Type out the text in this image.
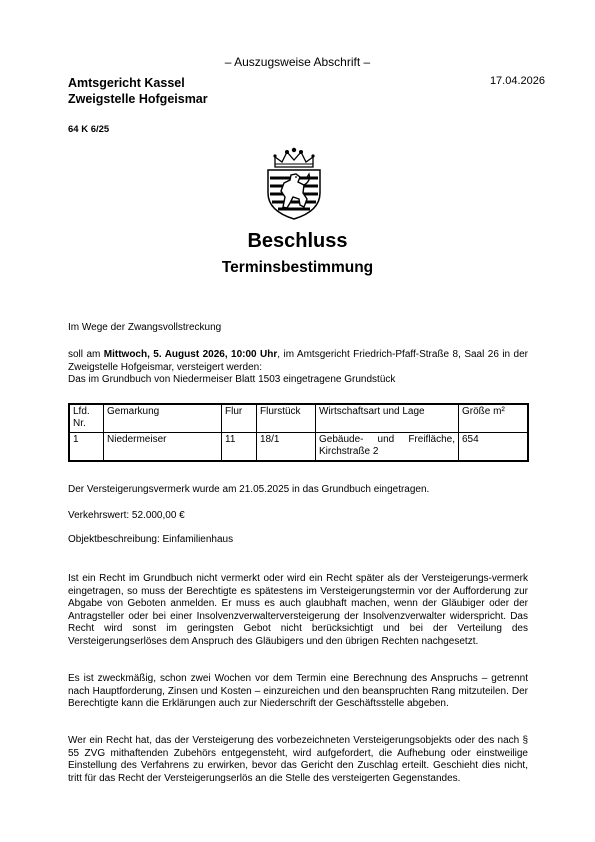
– Auszugsweise Abschrift –
Amtsgericht Kassel
Zweigstelle Hofgeismar
17.04.2026
64 K 6/25
Beschluss
Terminsbestimmung
Im Wege der Zwangsvollstreckung
soll am Mittwoch, 5. August 2026, 10:00 Uhr, im Amtsgericht Friedrich-Pfaff-Straße 8, Saal 26 in der Zweigstelle Hofgeismar, versteigert werden:
Das im Grundbuch von Niedermeiser Blatt 1503 eingetragene Grundstück
Lfd. Nr.	Gemarkung	Flur	Flurstück	Wirtschaftsart und Lage	Größe m²
1	Niedermeiser	11	18/1	Gebäude- und Freifläche, Kirchstraße 2	654
Der Versteigerungsvermerk wurde am 21.05.2025 in das Grundbuch eingetragen.
Verkehrswert: 52.000,00 €
Objektbeschreibung: Einfamilienhaus
Ist ein Recht im Grundbuch nicht vermerkt oder wird ein Recht später als der Versteigerungs-vermerk eingetragen, so muss der Berechtigte es spätestens im Versteigerungstermin vor der Aufforderung zur Abgabe von Geboten anmelden. Er muss es auch glaubhaft machen, wenn der Gläubiger oder der Antragsteller oder bei einer Insolvenzverwalterversteigerung der Insolvenzverwalter widerspricht. Das Recht wird sonst im geringsten Gebot nicht berücksichtigt und bei der Verteilung des Versteigerungserlöses dem Anspruch des Gläubigers und den übrigen Rechten nachgesetzt.
Es ist zweckmäßig, schon zwei Wochen vor dem Termin eine Berechnung des Anspruchs – getrennt nach Hauptforderung, Zinsen und Kosten – einzureichen und den beanspruchten Rang mitzuteilen. Der Berechtigte kann die Erklärungen auch zur Niederschrift der Geschäftsstelle abgeben.
Wer ein Recht hat, das der Versteigerung des vorbezeichneten Versteigerungsobjekts oder des nach § 55 ZVG mithaftenden Zubehörs entgegensteht, wird aufgefordert, die Aufhebung oder einstweilige Einstellung des Verfahrens zu erwirken, bevor das Gericht den Zuschlag erteilt. Geschieht dies nicht, tritt für das Recht der Versteigerungserlös an die Stelle des versteigerten Gegenstandes.
